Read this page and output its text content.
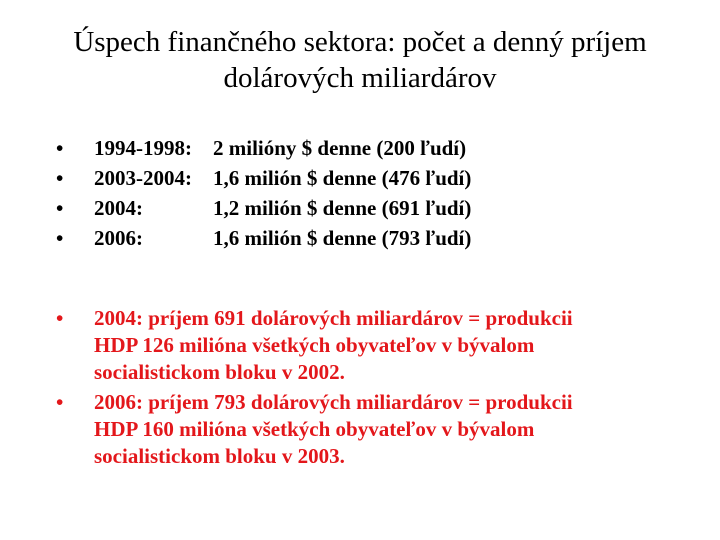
Úspech finančného sektora: počet a denný príjem
dolárových miliardárov
• 1994-1998: 2 milióny $ denne (200 ľudí)
• 2003-2004: 1,6 milión $ denne (476 ľudí)
• 2004:	1,2 milión $ denne (691 ľudí)
• 2006:	1,6 milión $ denne (793 ľudí)
• 2004: príjem 691 dolárových miliardárov = produkcii
HDP 126 milióna všetkých obyvateľov v bývalom
socialistickom bloku v 2002.
• 2006: príjem 793 dolárových miliardárov = produkcii
HDP 160 milióna všetkých obyvateľov v bývalom
socialistickom bloku v 2003.
